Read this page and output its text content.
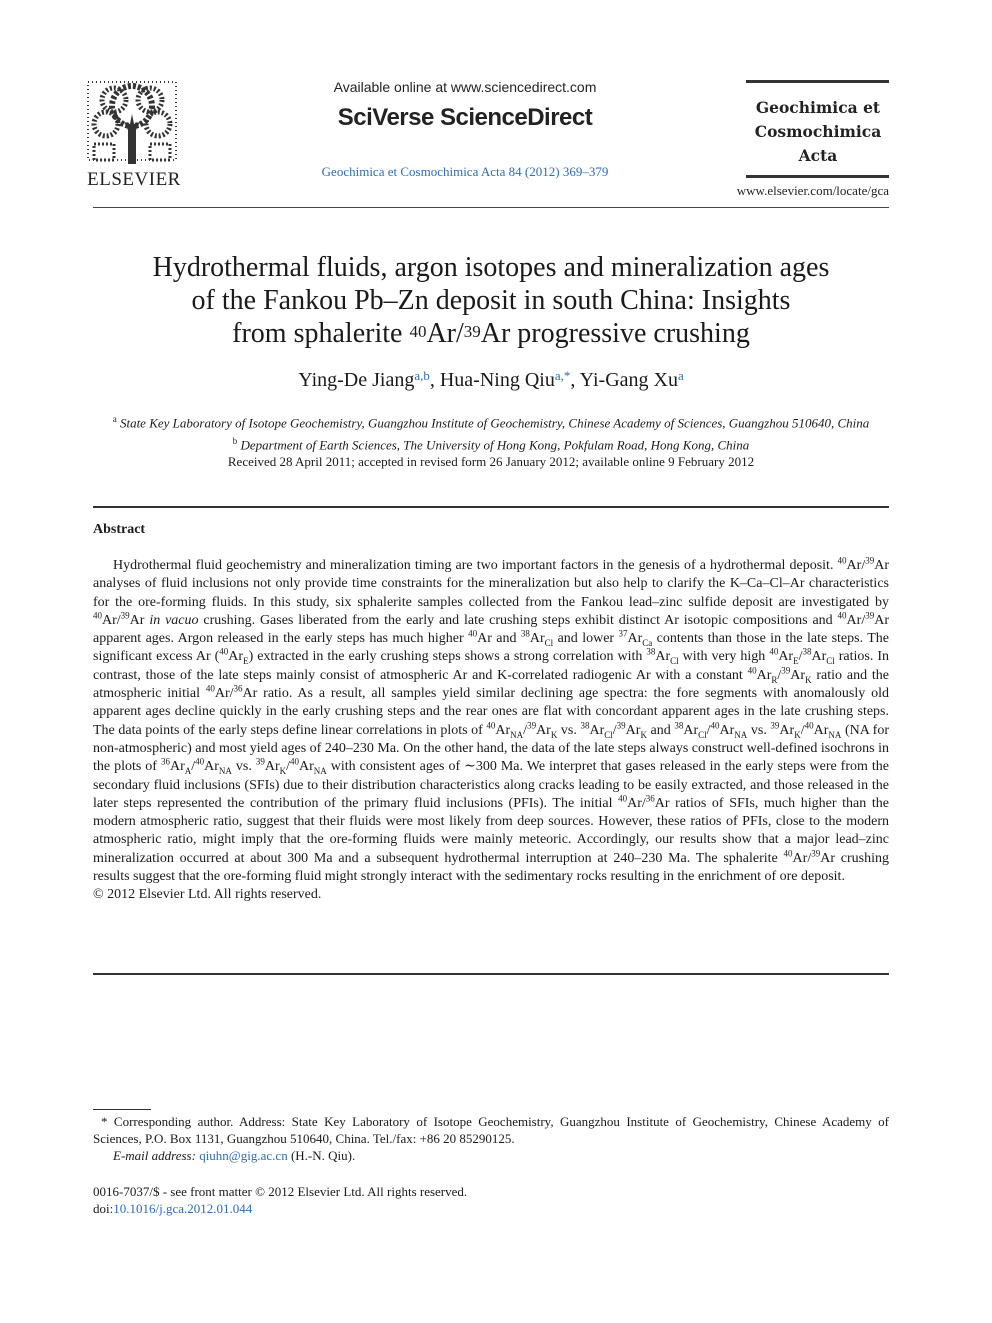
ELSEVIER
Available online at www.sciencedirect.com
SciVerse ScienceDirect
Geochimica et Cosmochimica Acta 84 (2012) 369–379
Geochimica et
Cosmochimica
Acta
www.elsevier.com/locate/gca
Hydrothermal fluids, argon isotopes and mineralization ages
of the Fankou Pb–Zn deposit in south China: Insights
from sphalerite $^{40}$Ar/$^{39}$Ar progressive crushing
Ying-De Jiang$^{a,b}$, Hua-Ning Qiu$^{a,*}$, Yi-Gang Xu$^a$
$^a$ State Key Laboratory of Isotope Geochemistry, Guangzhou Institute of Geochemistry, Chinese Academy of Sciences, Guangzhou 510640, China
$^b$ Department of Earth Sciences, The University of Hong Kong, Pokfulam Road, Hong Kong, China
Received 28 April 2011; accepted in revised form 26 January 2012; available online 9 February 2012
Abstract

Hydrothermal fluid geochemistry and mineralization timing are two important factors in the genesis of a hydrothermal deposit. $^{40}$Ar/$^{39}$Ar analyses of fluid inclusions not only provide time constraints for the mineralization but also help to clarify the K–Ca–Cl–Ar characteristics for the ore-forming fluids. In this study, six sphalerite samples collected from the Fankou lead–zinc sulfide deposit are investigated by $^{40}$Ar/$^{39}$Ar in vacuo crushing. Gases liberated from the early and late crushing steps exhibit distinct Ar isotopic compositions and $^{40}$Ar/$^{39}$Ar apparent ages. Argon released in the early steps has much higher $^{40}$Ar and $^{38}Ar_{Cl}$ and lower $^{37}Ar_{Ca}$ contents than those in the late steps. The significant excess Ar $(^{40}Ar_E)$ extracted in the early crushing steps shows a strong correlation with $^{38}Ar_{Cl}$ with very high $^{40}Ar_E/^{38}Ar_{Cl}$ ratios. In contrast, those of the late steps mainly consist of atmospheric Ar and K-correlated radiogenic Ar with a constant $^{40}Ar_R/^{39}Ar_K$ ratio and the atmospheric initial $^{40}$Ar/$^{36}$Ar ratio. As a result, all samples yield similar declining age spectra: the fore segments with anomalously old apparent ages decline quickly in the early crushing steps and the rear ones are flat with concordant apparent ages in the late crushing steps. The data points of the early steps define linear correlations in plots of $^{40}Ar_{NA}/^{39}Ar_K$ vs. $^{38}Ar_{Cl}/^{39}Ar_K$ and $^{38}Ar_{Cl}/^{40}Ar_{NA}$ vs. $^{39}Ar_K/^{40}Ar_{NA}$ (NA for non-atmospheric) and most yield ages of 240–230 Ma. On the other hand, the data of the late steps always construct well-defined isochrons in the plots of $^{36}Ar_A/^{40}Ar_{NA}$ vs. $^{39}Ar_K/^{40}Ar_{NA}$ with consistent ages of ∼300 Ma. We interpret that gases released in the early steps were from the secondary fluid inclusions (SFIs) due to their distribution characteristics along cracks leading to be easily extracted, and those released in the later steps represented the contribution of the primary fluid inclusions (PFIs). The initial $^{40}$Ar/$^{36}$Ar ratios of SFIs, much higher than the modern atmospheric ratio, suggest that their fluids were most likely from deep sources. However, these ratios of PFIs, close to the modern atmospheric ratio, might imply that the ore-forming fluids were mainly meteoric. Accordingly, our results show that a major lead–zinc mineralization occurred at about 300 Ma and a subsequent hydrothermal interruption at 240–230 Ma. The sphalerite $^{40}$Ar/$^{39}$Ar crushing results suggest that the ore-forming fluid might strongly interact with the sedimentary rocks resulting in the enrichment of ore deposit.

© 2012 Elsevier Ltd. All rights reserved.

* Corresponding author. Address: State Key Laboratory of Isotope Geochemistry, Guangzhou Institute of Geochemistry, Chinese Academy of Sciences, P.O. Box 1131, Guangzhou 510640, China. Tel./fax: +86 20 85290125.

E-mail address: qiuhn@gig.ac.cn (H.-N. Qiu).

0016-7037/$ - see front matter © 2012 Elsevier Ltd. All rights reserved.

doi:10.1016/j.gca.2012.01.044
